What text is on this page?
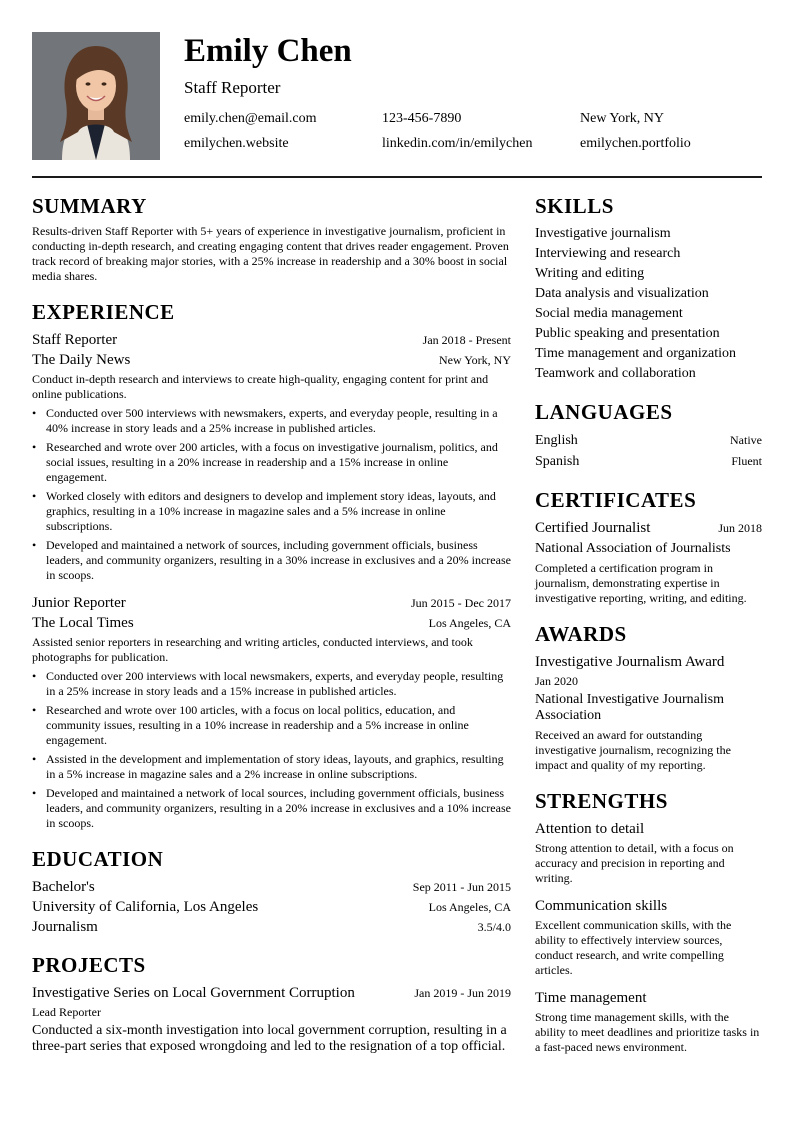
Emily Chen
Staff Reporter
emily.chen@email.com	123-456-7890	New York, NY
emilychen.website	linkedin.com/in/emilychen	emilychen.portfolio
SUMMARY

Results-driven Staff Reporter with 5+ years of experience in investigative journalism, proficient in conducting in-depth research, and creating engaging content that drives reader engagement. Proven track record of breaking major stories, with a 25% increase in readership and a 30% boost in social media shares.

EXPERIENCE
Staff Reporter	Jan 2018 - Present
The Daily News	New York, NY

Conduct in-depth research and interviews to create high-quality, engaging content for print and online publications.

• Conducted over 500 interviews with newsmakers, experts, and everyday people, resulting in a 40% increase in story leads and a 25% increase in published articles.
• Researched and wrote over 200 articles, with a focus on investigative journalism, politics, and social issues, resulting in a 20% increase in readership and a 15% increase in online engagement.
• Worked closely with editors and designers to develop and implement story ideas, layouts, and graphics, resulting in a 10% increase in magazine sales and a 5% increase in online subscriptions.
• Developed and maintained a network of sources, including government officials, business leaders, and community organizers, resulting in a 30% increase in exclusives and a 20% increase in scoops.
Junior Reporter	Jun 2015 - Dec 2017
The Local Times	Los Angeles, CA

Assisted senior reporters in researching and writing articles, conducted interviews, and took photographs for publication.

• Conducted over 200 interviews with local newsmakers, experts, and everyday people, resulting in a 25% increase in story leads and a 15% increase in published articles.
• Researched and wrote over 100 articles, with a focus on local politics, education, and community issues, resulting in a 10% increase in readership and a 5% increase in online engagement.
• Assisted in the development and implementation of story ideas, layouts, and graphics, resulting in a 5% increase in magazine sales and a 2% increase in online subscriptions.
• Developed and maintained a network of local sources, including government officials, business leaders, and community organizers, resulting in a 20% increase in exclusives and a 10% increase in scoops.
EDUCATION
Bachelor's	Sep 2011 - Jun 2015
University of California, Los Angeles	Los Angeles, CA
Journalism	3.5/4.0
PROJECTS
Investigative Series on Local Government Corruption	Jan 2019 - Jun 2019
Lead Reporter

Conducted a six-month investigation into local government corruption, resulting in a three-part series that exposed wrongdoing and led to the resignation of a top official.

SKILLS
Investigative journalism
Interviewing and research
Writing and editing
Data analysis and visualization
Social media management
Public speaking and presentation
Time management and organization
Teamwork and collaboration
LANGUAGES
English	Native
Spanish	Fluent
CERTIFICATES
Certified Journalist	Jun 2018
National Association of Journalists

Completed a certification program in journalism, demonstrating expertise in investigative reporting, writing, and editing.

AWARDS
Investigative Journalism Award
Jan 2020
National Investigative Journalism Association

Received an award for outstanding investigative journalism, recognizing the impact and quality of my reporting.

STRENGTHS
Attention to detail

Strong attention to detail, with a focus on accuracy and precision in reporting and writing.

Communication skills

Excellent communication skills, with the ability to effectively interview sources, conduct research, and write compelling articles.

Time management

Strong time management skills, with the ability to meet deadlines and prioritize tasks in a fast-paced news environment.
